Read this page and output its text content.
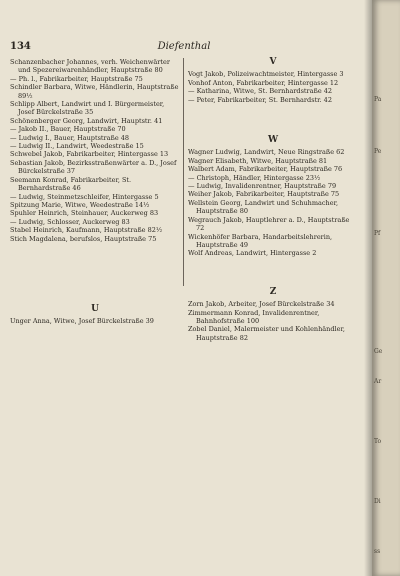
134	Diefenthal

Schanzenbacher Johannes, verh. Weichenwärter und Spezereiwarenhändler, Hauptstraße 80

— Ph. l., Fabrikarbeiter, Hauptstraße 75

Schindler Barbara, Witwe, Händlerin, Hauptstraße 89½

Schlipp Albert, Landwirt und I. Bürgermeister, Josef Bürckelstraße 35

Schönenberger Georg, Landwirt, Hauptstr. 41

— Jakob II., Bauer, Hauptstraße 70

— Ludwig I., Bauer, Hauptstraße 48

— Ludwig II., Landwirt, Weedestraße 15

Schwebel Jakob, Fabrikarbeiter, Hintergasse 13

Sebastian Jakob, Bezirksstraßenwärter a. D., Josef Bürckelstraße 37

Seemann Konrad, Fabrikarbeiter, St. Bernhardstraße 46

— Ludwig, Steinmetzschleifer, Hintergasse 5

Spitzung Marie, Witwe, Weedestraße 14½

Spuhler Heinrich, Steinhauer, Auckerweg 83

— Ludwig, Schlosser, Auckerweg 83

Stabel Heinrich, Kaufmann, Hauptstraße 82½

Stich Magdalena, berufslos, Hauptstraße 75

U

Unger Anna, Witwe, Josef Bürckelstraße 39

V

Vogt Jakob, Polizeiwachtmeister, Hintergasse 3

Vonhof Anton, Fabrikarbeiter, Hintergasse 12

— Katharina, Witwe, St. Bernhardstraße 42

— Peter, Fabrikarbeiter, St. Bernhardstr. 42

W

Wagner Ludwig, Landwirt, Neue Ringstraße 62

Wagner Elisabeth, Witwe, Hauptstraße 81

Walbert Adam, Fabrikarbeiter, Hauptstraße 76

— Christoph, Händler, Hintergasse 23½

— Ludwig, Invalidenrentner, Hauptstraße 79

Weiher Jakob, Fabrikarbeiter, Hauptstraße 75

Wellstein Georg, Landwirt und Schuhmacher, Hauptstraße 80

Wegrauch Jakob, Hauptlehrer a. D., Hauptstraße 72

Wickenhöfer Barbara, Handarbeitslehrerin, Hauptstraße 49

Wolf Andreas, Landwirt, Hintergasse 2

Z

Zorn Jakob, Arbeiter, Josef Bürckelstraße 34

Zimmermann Konrad, Invalidenrentner, Bahnhofstraße 100

Zobel Daniel, Malermeister und Kohlenhändler, Hauptstraße 82

Pa
Pe
Pf
Ge
Ar
To
Di
ss
